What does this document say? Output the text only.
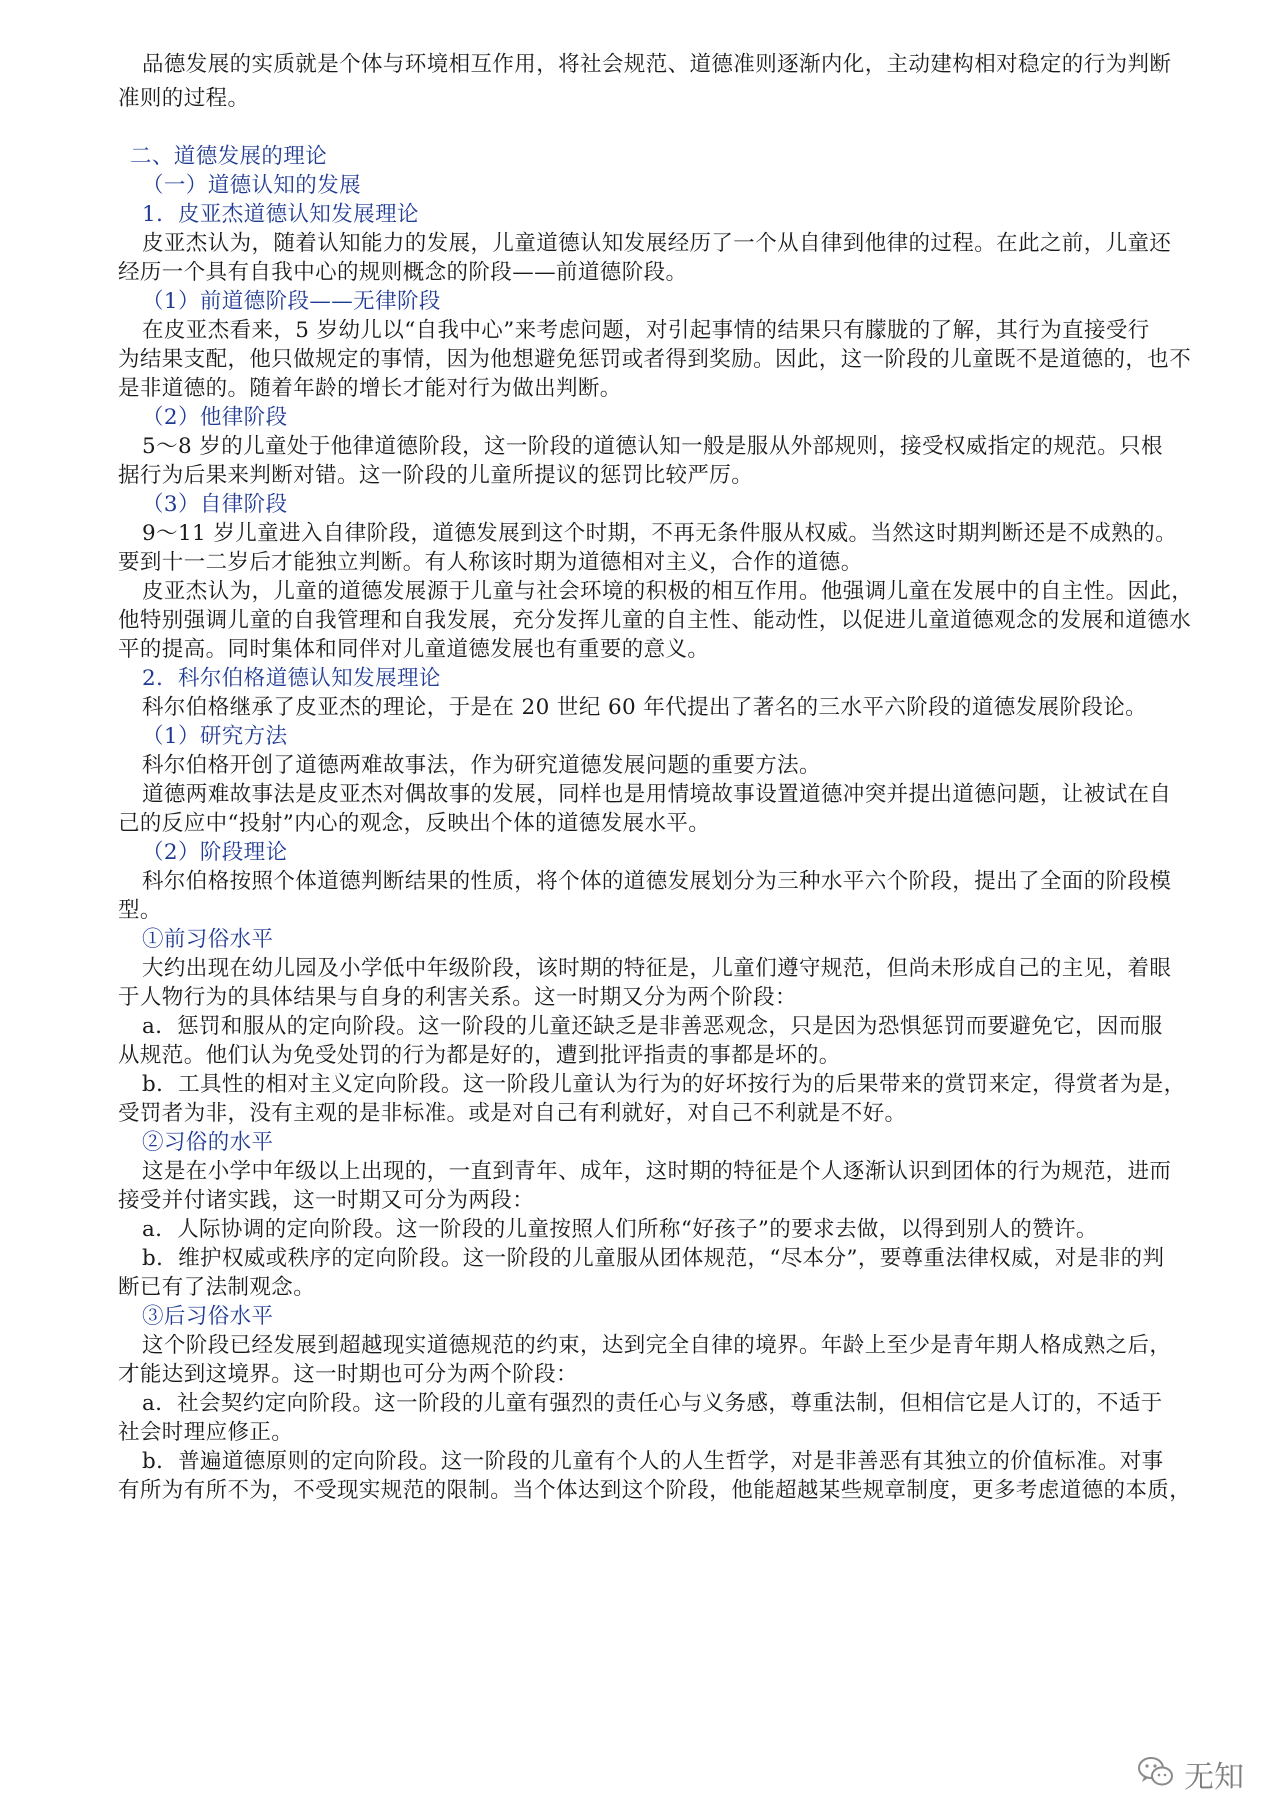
品德发展的实质就是个体与环境相互作用，将社会规范、道德准则逐渐内化，主动建构相对稳定的行为判断
准则的过程。
二、道德发展的理论
（一）道德认知的发展
1．皮亚杰道德认知发展理论
皮亚杰认为，随着认知能力的发展，儿童道德认知发展经历了一个从自律到他律的过程。在此之前，儿童还
经历一个具有自我中心的规则概念的阶段——前道德阶段。
（1）前道德阶段——无律阶段
在皮亚杰看来，5 岁幼儿以“自我中心”来考虑问题，对引起事情的结果只有朦胧的了解，其行为直接受行
为结果支配，他只做规定的事情，因为他想避免惩罚或者得到奖励。因此，这一阶段的儿童既不是道德的，也不
是非道德的。随着年龄的增长才能对行为做出判断。
（2）他律阶段
5～8 岁的儿童处于他律道德阶段，这一阶段的道德认知一般是服从外部规则，接受权威指定的规范。只根
据行为后果来判断对错。这一阶段的儿童所提议的惩罚比较严厉。
（3）自律阶段
9～11 岁儿童进入自律阶段，道德发展到这个时期，不再无条件服从权威。当然这时期判断还是不成熟的。
要到十一二岁后才能独立判断。有人称该时期为道德相对主义，合作的道德。
皮亚杰认为，儿童的道德发展源于儿童与社会环境的积极的相互作用。他强调儿童在发展中的自主性。因此，
他特别强调儿童的自我管理和自我发展，充分发挥儿童的自主性、能动性，以促进儿童道德观念的发展和道德水
平的提高。同时集体和同伴对儿童道德发展也有重要的意义。
2．科尔伯格道德认知发展理论
科尔伯格继承了皮亚杰的理论，于是在 20 世纪 60 年代提出了著名的三水平六阶段的道德发展阶段论。
（1）研究方法
科尔伯格开创了道德两难故事法，作为研究道德发展问题的重要方法。
道德两难故事法是皮亚杰对偶故事的发展，同样也是用情境故事设置道德冲突并提出道德问题，让被试在自
己的反应中“投射”内心的观念，反映出个体的道德发展水平。
（2）阶段理论
科尔伯格按照个体道德判断结果的性质，将个体的道德发展划分为三种水平六个阶段，提出了全面的阶段模
型。
①前习俗水平
大约出现在幼儿园及小学低中年级阶段，该时期的特征是，儿童们遵守规范，但尚未形成自己的主见，着眼
于人物行为的具体结果与自身的利害关系。这一时期又分为两个阶段：
a．惩罚和服从的定向阶段。这一阶段的儿童还缺乏是非善恶观念，只是因为恐惧惩罚而要避免它，因而服
从规范。他们认为免受处罚的行为都是好的，遭到批评指责的事都是坏的。
b．工具性的相对主义定向阶段。这一阶段儿童认为行为的好坏按行为的后果带来的赏罚来定，得赏者为是，
受罚者为非，没有主观的是非标准。或是对自己有利就好，对自己不利就是不好。
②习俗的水平
这是在小学中年级以上出现的，一直到青年、成年，这时期的特征是个人逐渐认识到团体的行为规范，进而
接受并付诸实践，这一时期又可分为两段：
a．人际协调的定向阶段。这一阶段的儿童按照人们所称“好孩子”的要求去做，以得到别人的赞许。
b．维护权威或秩序的定向阶段。这一阶段的儿童服从团体规范，“尽本分”，要尊重法律权威，对是非的判
断已有了法制观念。
③后习俗水平
这个阶段已经发展到超越现实道德规范的约束，达到完全自律的境界。年龄上至少是青年期人格成熟之后，
才能达到这境界。这一时期也可分为两个阶段：
a．社会契约定向阶段。这一阶段的儿童有强烈的责任心与义务感，尊重法制，但相信它是人订的，不适于
社会时理应修正。
b．普遍道德原则的定向阶段。这一阶段的儿童有个人的人生哲学，对是非善恶有其独立的价值标准。对事
有所为有所不为，不受现实规范的限制。当个体达到这个阶段，他能超越某些规章制度，更多考虑道德的本质，
无知
